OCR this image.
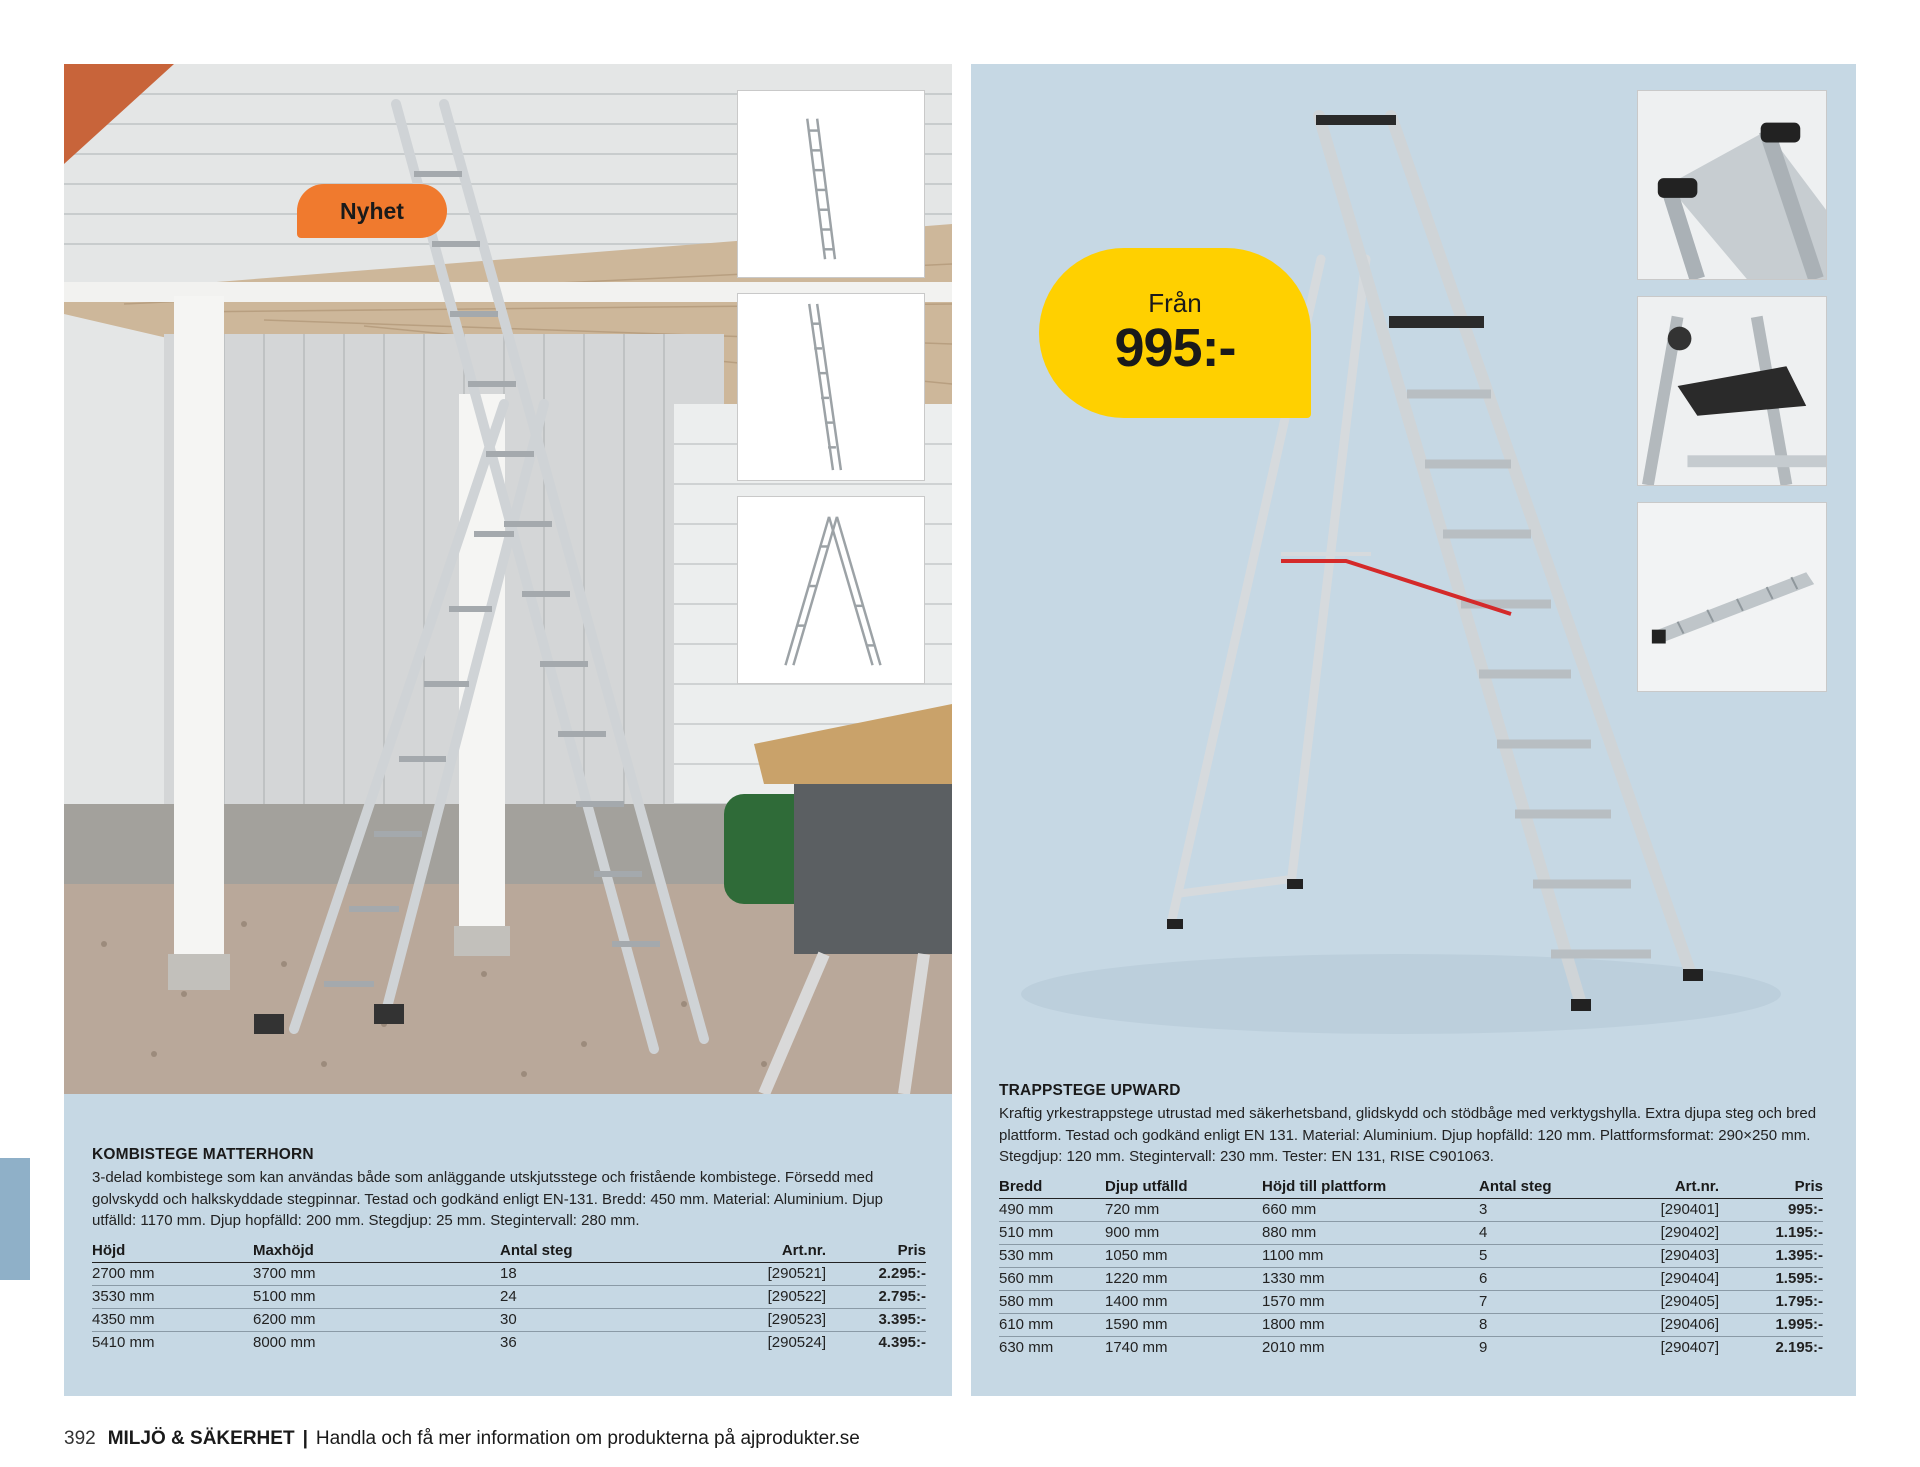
Nyhet
KOMBISTEGE MATTERHORN
3-delad kombistege som kan användas både som anläggande utskjutsstege och fristående kombistege. Försedd med golvskydd och halkskyddade stegpinnar. Testad och godkänd enligt EN-131. Bredd: 450 mm. Material: Aluminium. Djup utfälld: 1170 mm. Djup hopfälld: 200 mm. Stegdjup: 25 mm. Stegintervall: 280 mm.
Höjd	Maxhöjd	Antal steg	Art.nr.	Pris
2700 mm	3700 mm	18	[290521]	2.295:-
3530 mm	5100 mm	24	[290522]	2.795:-
4350 mm	6200 mm	30	[290523]	3.395:-
5410 mm	8000 mm	36	[290524]	4.395:-
Från
995:-
TRAPPSTEGE UPWARD
Kraftig yrkestrappstege utrustad med säkerhetsband, glidskydd och stödbåge med verktygshylla. Extra djupa steg och bred plattform. Testad och godkänd enligt EN 131. Material: Aluminium. Djup hopfälld: 120 mm. Plattformsformat: 290×250 mm. Stegdjup: 120 mm. Stegintervall: 230 mm. Tester: EN 131, RISE C901063.
Bredd	Djup utfälld	Höjd till plattform	Antal steg	Art.nr.	Pris
490 mm	720 mm	660 mm	3	[290401]	995:-
510 mm	900 mm	880 mm	4	[290402]	1.195:-
530 mm	1050 mm	1100 mm	5	[290403]	1.395:-
560 mm	1220 mm	1330 mm	6	[290404]	1.595:-
580 mm	1400 mm	1570 mm	7	[290405]	1.795:-
610 mm	1590 mm	1800 mm	8	[290406]	1.995:-
630 mm	1740 mm	2010 mm	9	[290407]	2.195:-
392 MILJÖ & SÄKERHET | Handla och få mer information om produkterna på ajprodukter.se
